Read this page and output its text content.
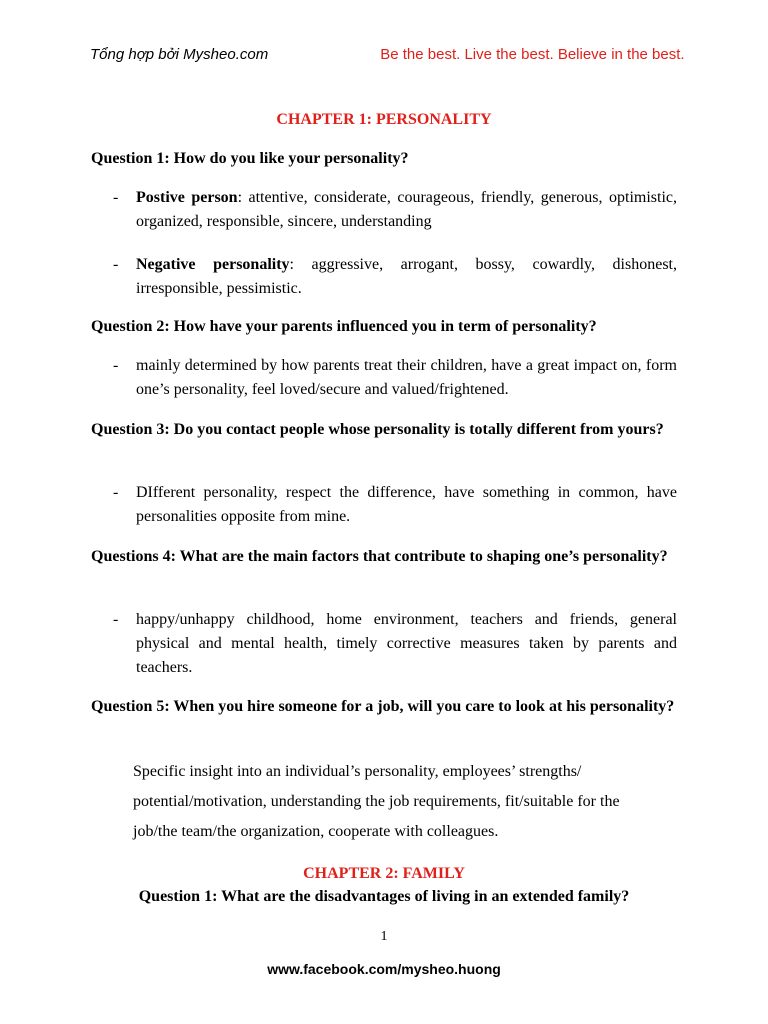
Tổng hợp bởi Mysheo.com	Be the best. Live the best. Believe in the best.
CHAPTER 1: PERSONALITY
Question 1: How do you like your personality?
- Postive person: attentive, considerate, courageous, friendly, generous, optimistic, organized, responsible, sincere, understanding
- Negative personality: aggressive, arrogant, bossy, cowardly, dishonest, irresponsible, pessimistic.
Question 2: How have your parents influenced you in term of personality?
- mainly determined by how parents treat their children, have a great impact on, form one’s personality, feel loved/secure and valued/frightened.
Question 3: Do you contact people whose personality is totally different from yours?
- DIfferent personality, respect the difference, have something in common, have personalities opposite from mine.
Questions 4: What are the main factors that contribute to shaping one’s personality?
- happy/unhappy childhood, home environment, teachers and friends, general physical and mental health, timely corrective measures taken by parents and teachers.
Question 5: When you hire someone for a job, will you care to look at his personality?
Specific insight into an individual’s personality, employees’ strengths/
potential/motivation, understanding the job requirements, fit/suitable for the
job/the team/the organization, cooperate with colleagues.
CHAPTER 2: FAMILY
Question 1: What are the disadvantages of living in an extended family?
1
www.facebook.com/mysheo.huong
